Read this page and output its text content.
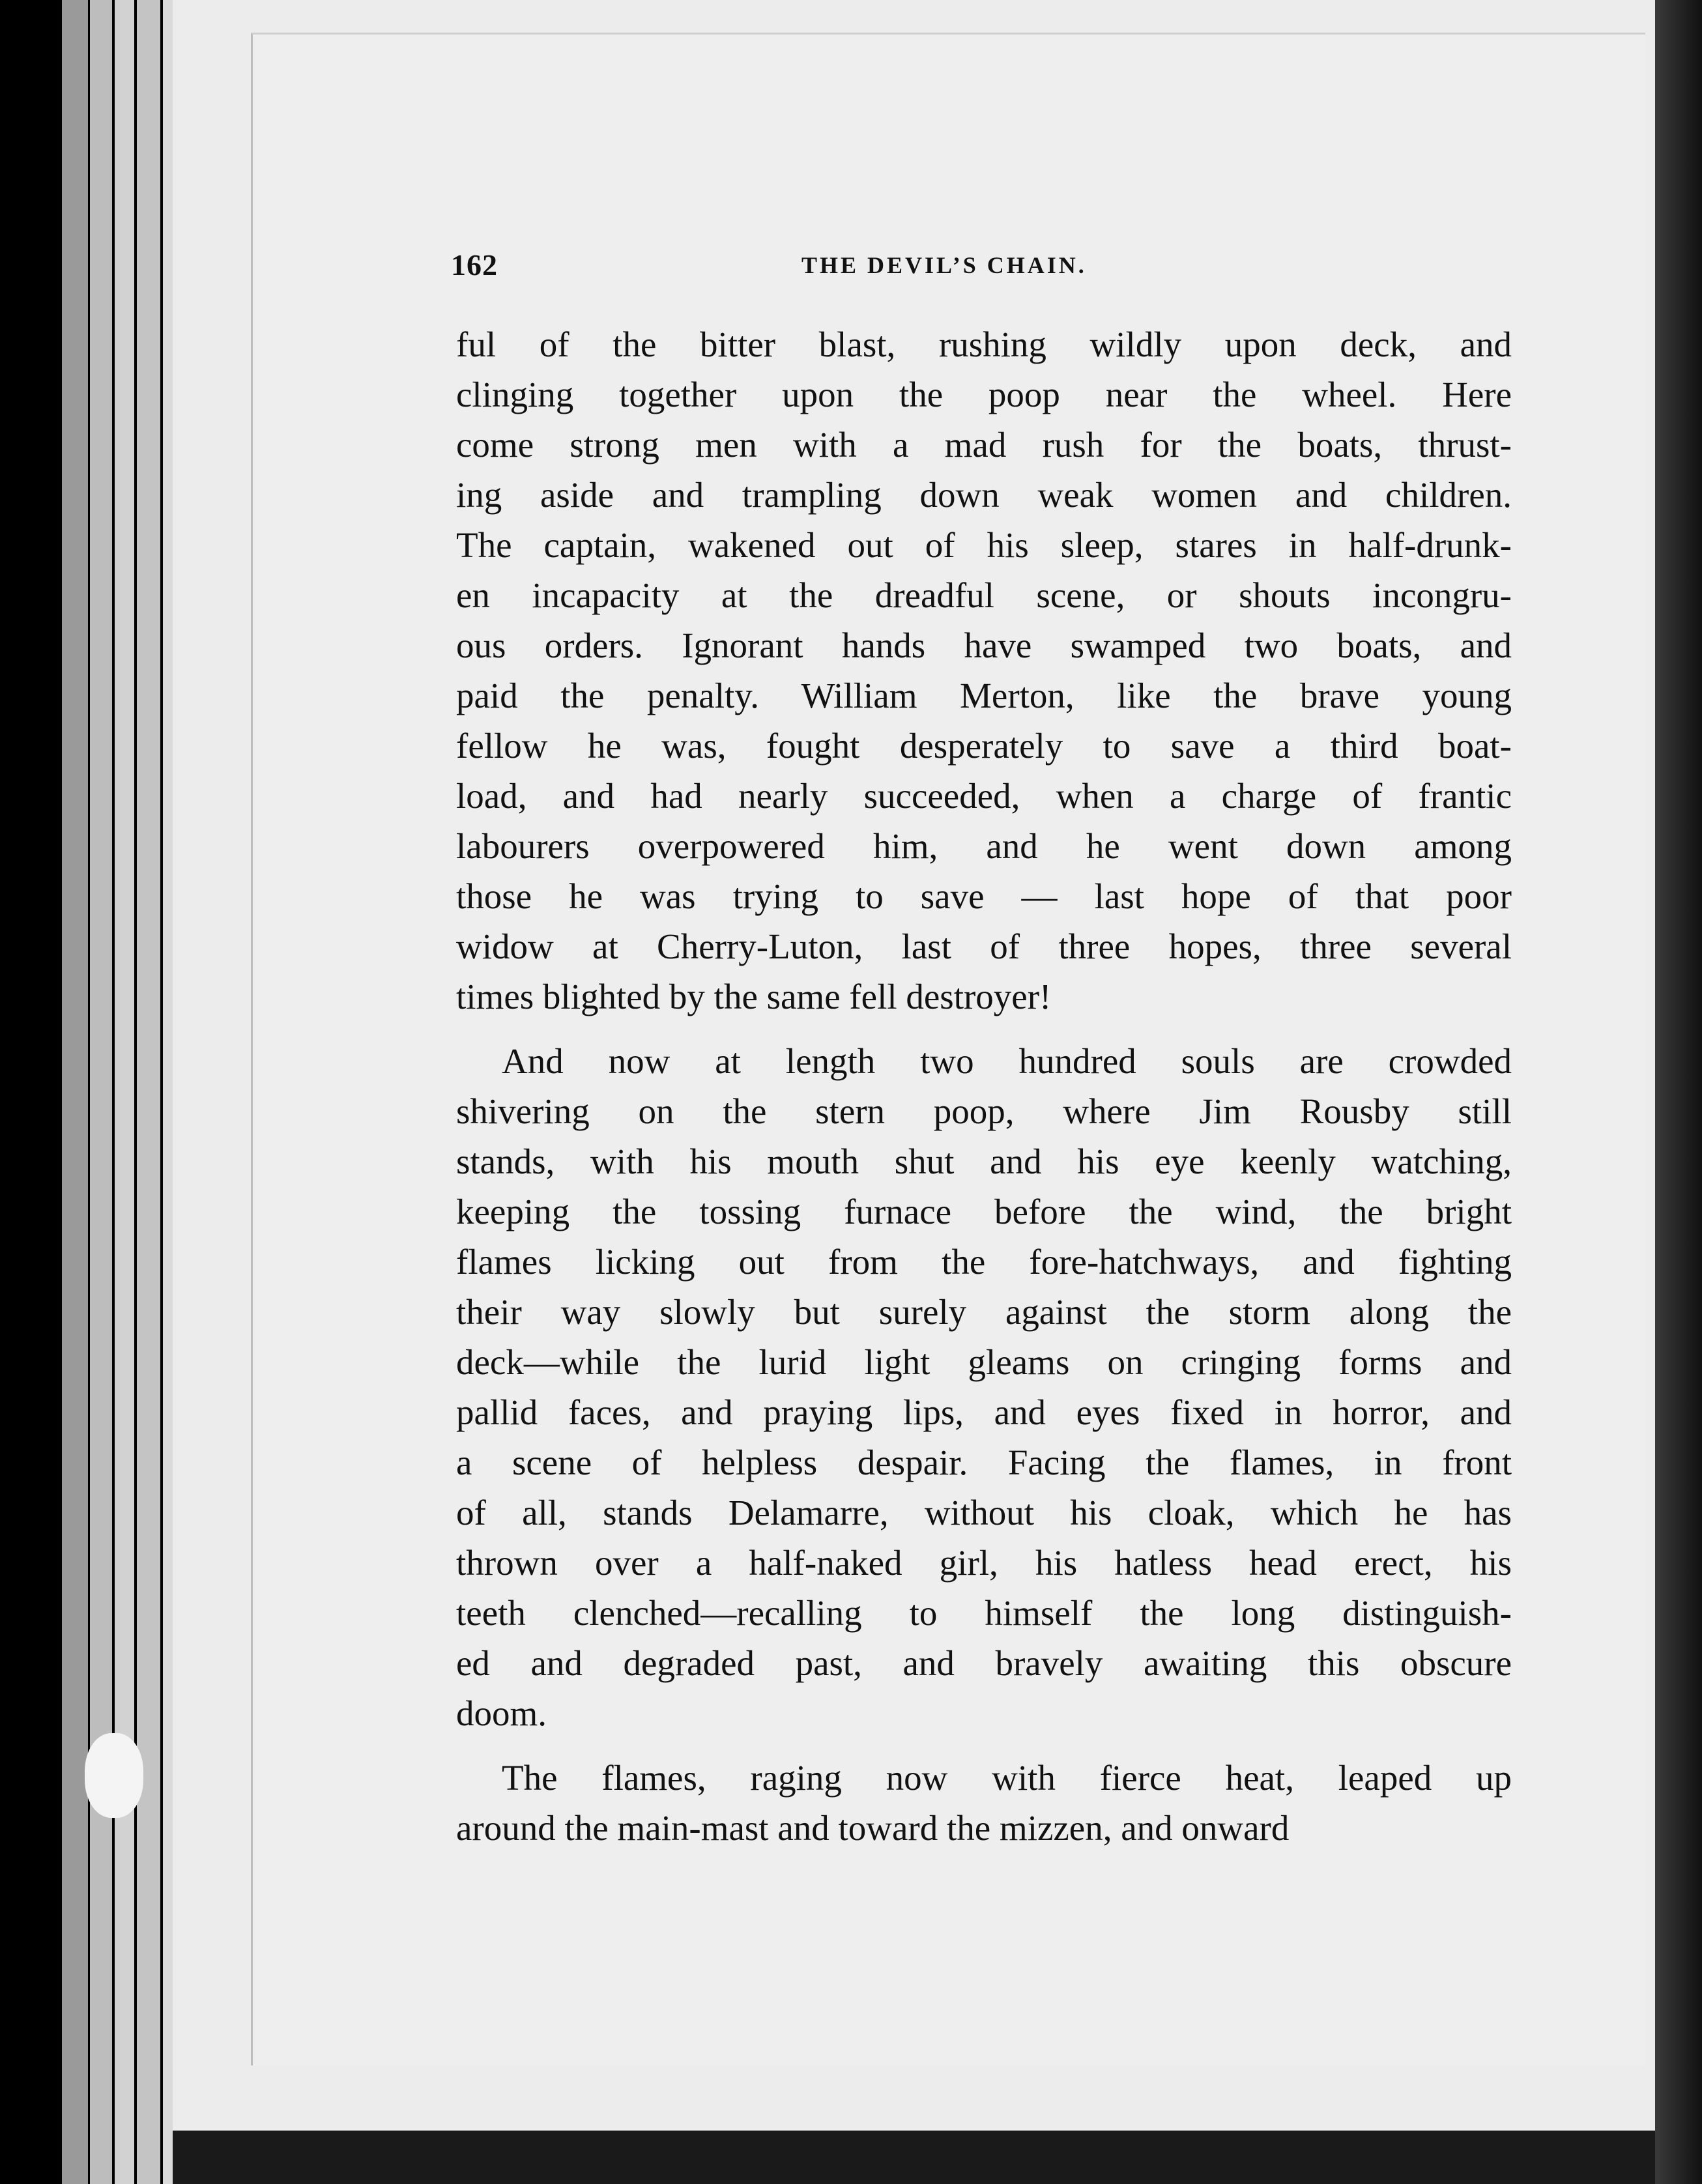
162	THE DEVIL’S CHAIN.
ful of the bitter blast, rushing wildly upon deck, and
clinging together upon the poop near the wheel. Here
come strong men with a mad rush for the boats, thrust-
ing aside and trampling down weak women and children.
The captain, wakened out of his sleep, stares in half-drunk-
en incapacity at the dreadful scene, or shouts incongru-
ous orders. Ignorant hands have swamped two boats, and
paid the penalty. William Merton, like the brave young
fellow he was, fought desperately to save a third boat-
load, and had nearly succeeded, when a charge of frantic
labourers overpowered him, and he went down among
those he was trying to save — last hope of that poor
widow at Cherry-Luton, last of three hopes, three several
times blighted by the same fell destroyer!
And now at length two hundred souls are crowded
shivering on the stern poop, where Jim Rousby still
stands, with his mouth shut and his eye keenly watching,
keeping the tossing furnace before the wind, the bright
flames licking out from the fore-hatchways, and fighting
their way slowly but surely against the storm along the
deck—while the lurid light gleams on cringing forms and
pallid faces, and praying lips, and eyes fixed in horror, and
a scene of helpless despair. Facing the flames, in front
of all, stands Delamarre, without his cloak, which he has
thrown over a half-naked girl, his hatless head erect, his
teeth clenched—recalling to himself the long distinguish-
ed and degraded past, and bravely awaiting this obscure
doom.
The flames, raging now with fierce heat, leaped up
around the main-mast and toward the mizzen, and onward
